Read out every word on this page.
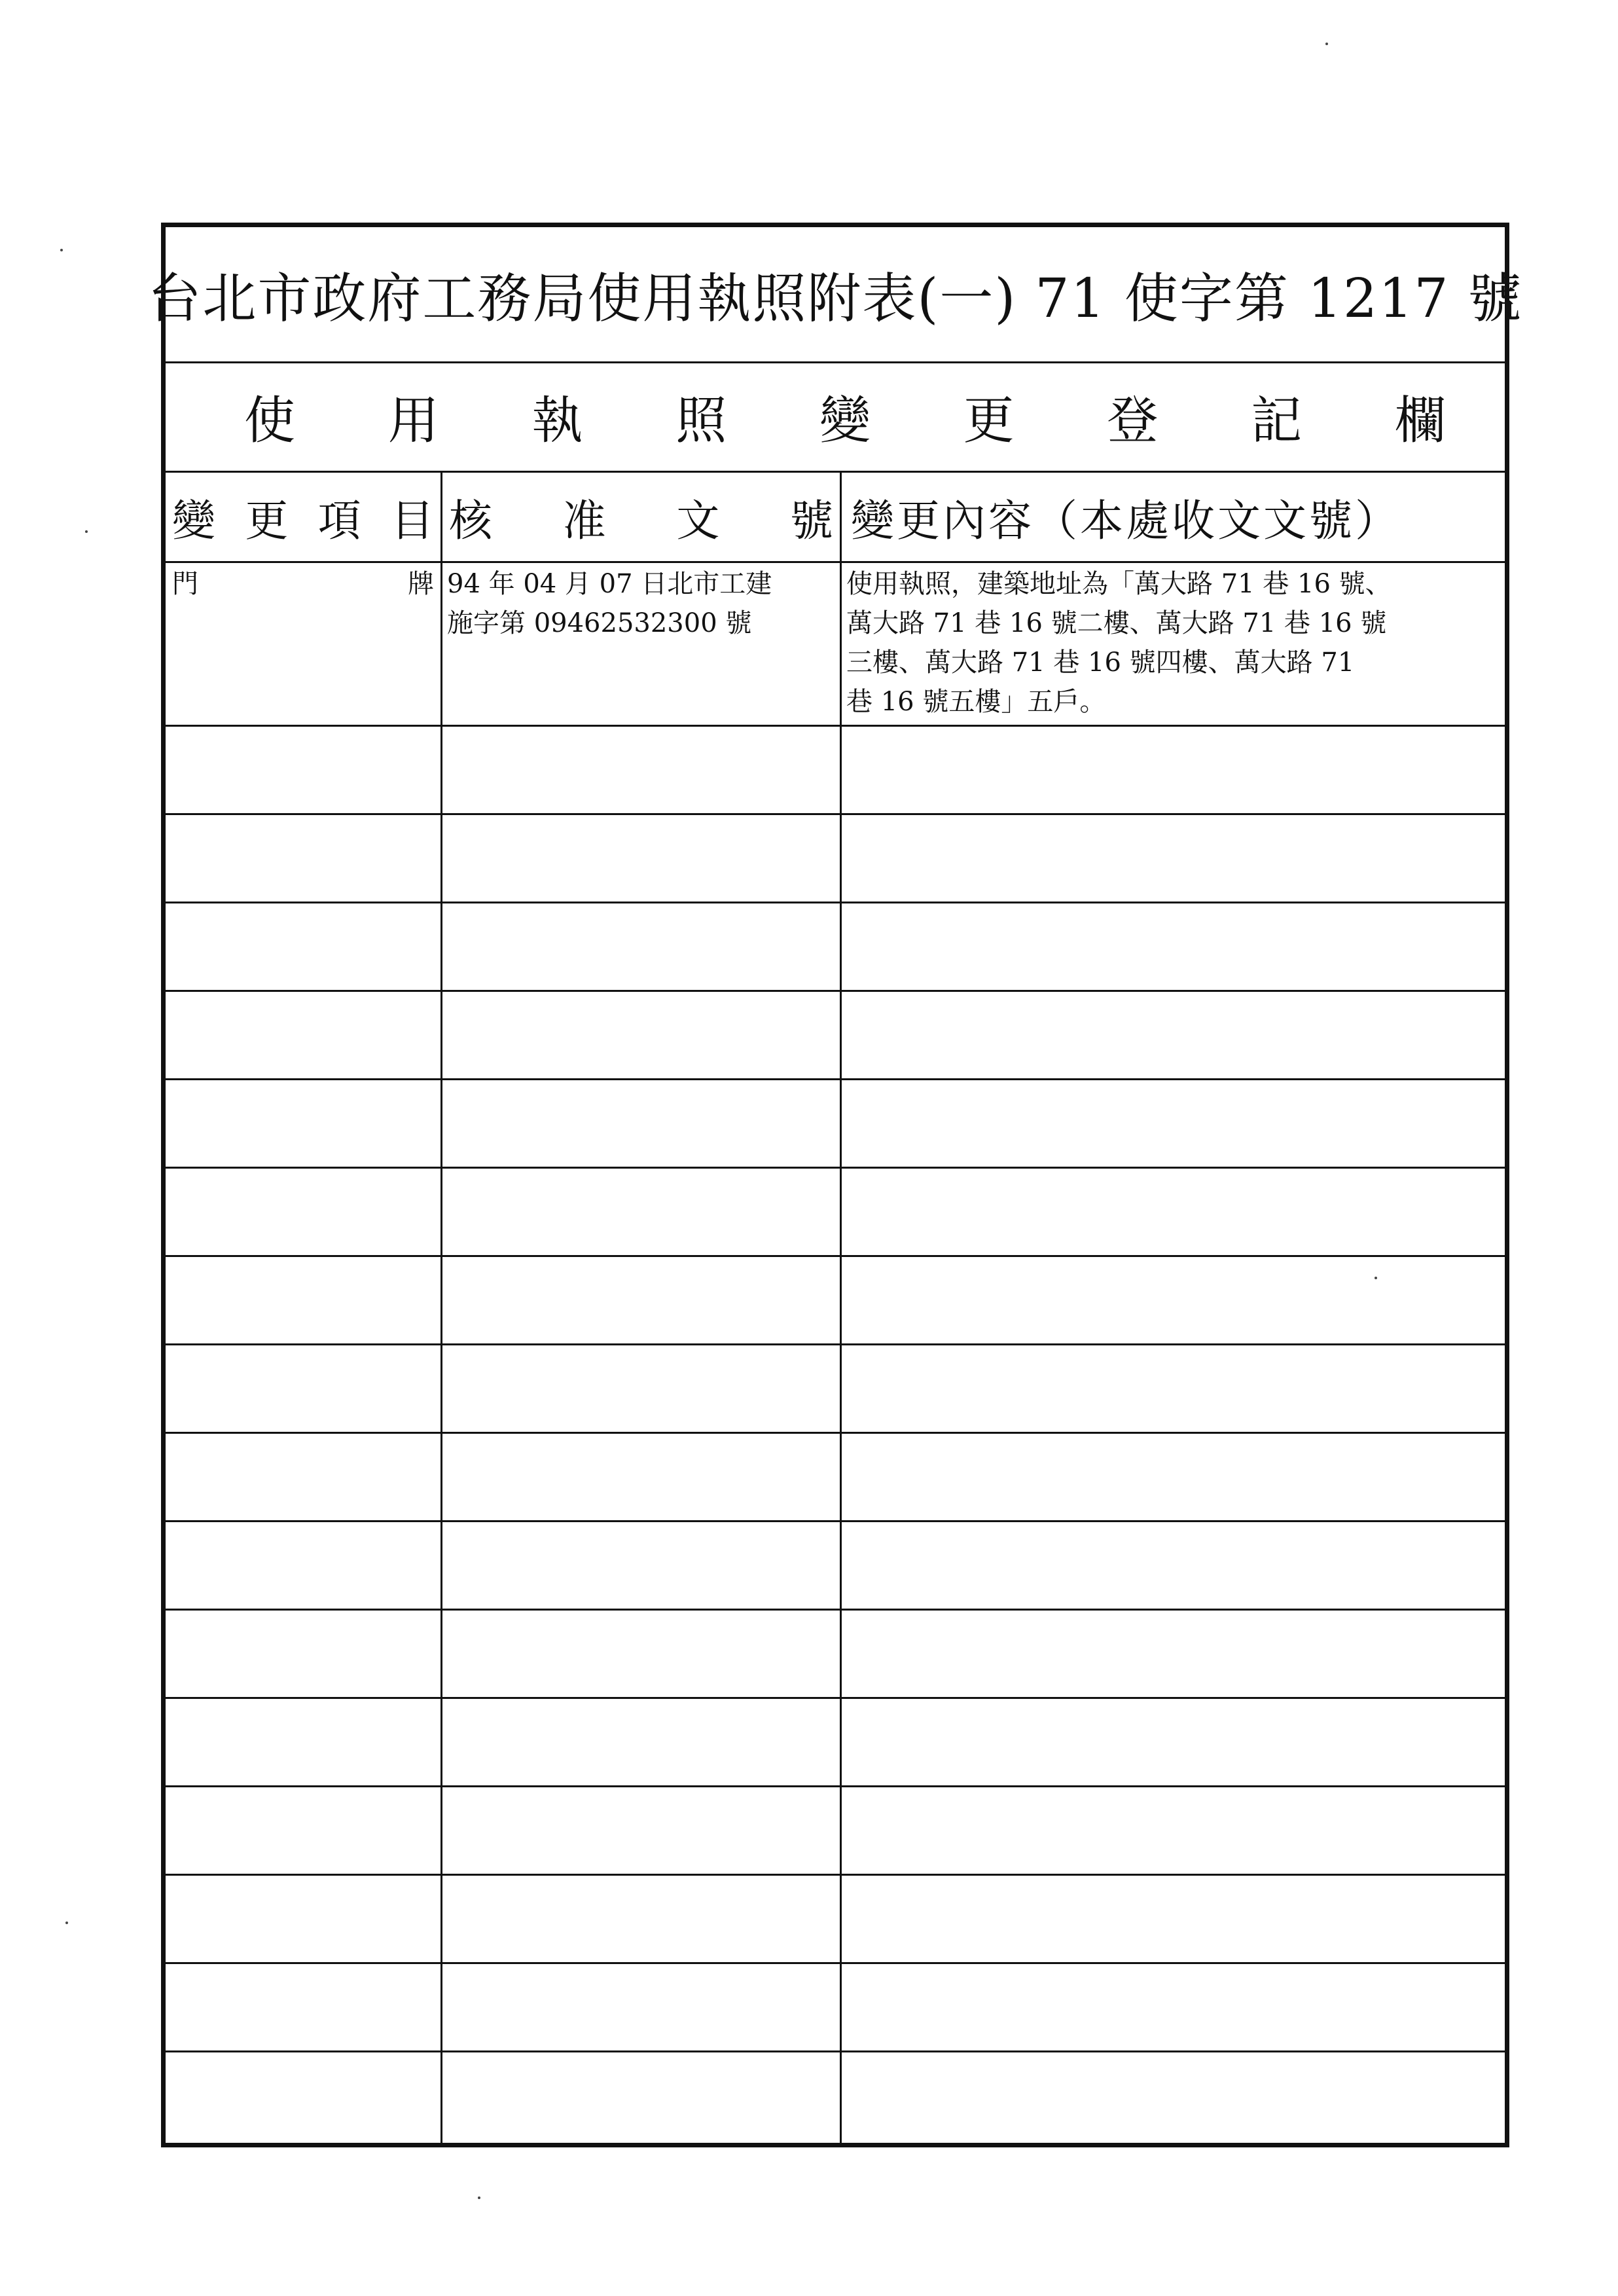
台北市政府工務局使用執照附表(一) 71 使字第 1217 號
使 用 執 照 變 更 登 記 欄
變 更 項 目 核 准 文 號 變更內容（本處收文文號）
門	牌 94 年 04 月 07 日北市工建
施字第 09462532300 號
使用執照，建築地址為「萬大路 71 巷 16 號、
萬大路 71 巷 16 號二樓、萬大路 71 巷 16 號
三樓、萬大路 71 巷 16 號四樓、萬大路 71
巷 16 號五樓」五戶。
